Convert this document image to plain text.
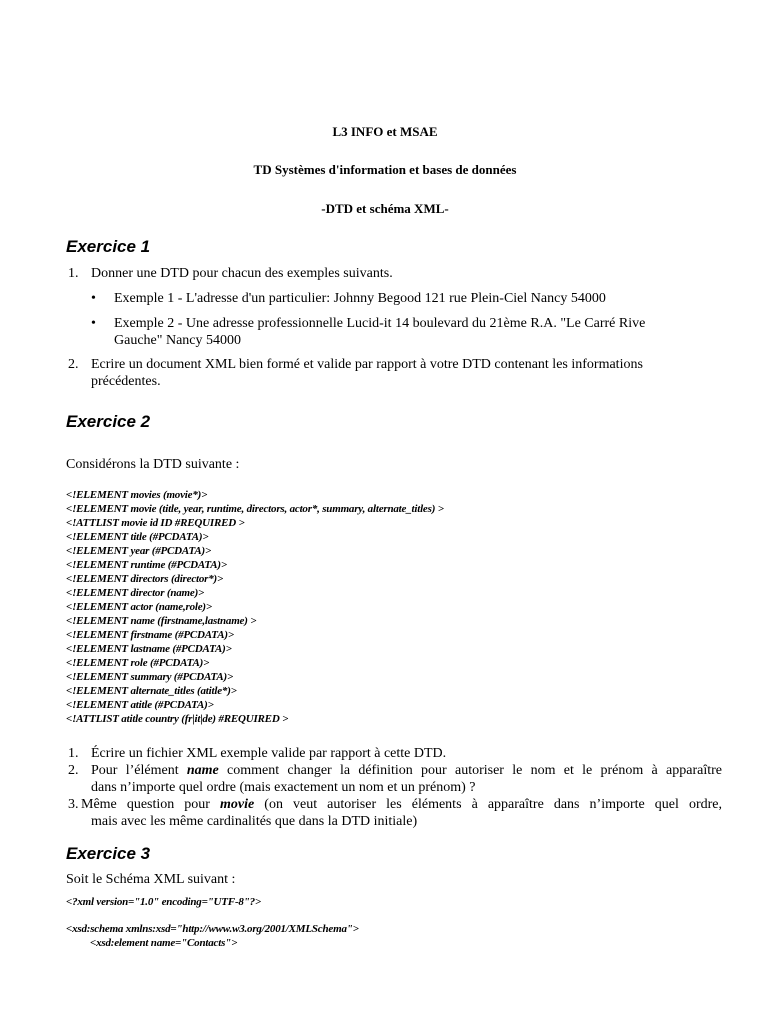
L3 INFO et MSAE
TD Systèmes d'information et bases de données
-DTD et schéma XML-
Exercice 1
1. Donner une DTD pour chacun des exemples suivants.
• Exemple 1 - L'adresse d'un particulier: Johnny Begood 121 rue Plein-Ciel Nancy 54000
• Exemple 2 - Une adresse professionnelle Lucid-it 14 boulevard du 21ème R.A. "Le Carré Rive
Gauche" Nancy 54000
2. Ecrire un document XML bien formé et valide par rapport à votre DTD contenant les informations
précédentes.
Exercice 2
Considérons la DTD suivante :
<!ELEMENT movies (movie*)>
<!ELEMENT movie (title, year, runtime, directors, actor*, summary, alternate_titles) >
<!ATTLIST movie id ID #REQUIRED >
<!ELEMENT title (#PCDATA)>
<!ELEMENT year (#PCDATA)>
<!ELEMENT runtime (#PCDATA)>
<!ELEMENT directors (director*)>
<!ELEMENT director (name)>
<!ELEMENT actor (name,role)>
<!ELEMENT name (firstname,lastname) >
<!ELEMENT firstname (#PCDATA)>
<!ELEMENT lastname (#PCDATA)>
<!ELEMENT role (#PCDATA)>
<!ELEMENT summary (#PCDATA)>
<!ELEMENT alternate_titles (atitle*)>
<!ELEMENT atitle (#PCDATA)>
<!ATTLIST atitle country (fr|it|de) #REQUIRED >
1. Écrire un fichier XML exemple valide par rapport à cette DTD.
2. Pour l’élément name comment changer la définition pour autoriser le nom et le prénom à apparaître
dans n’importe quel ordre (mais exactement un nom et un prénom) ?
3. Même question pour movie (on veut autoriser les éléments à apparaître dans n’importe quel ordre,
mais avec les même cardinalités que dans la DTD initiale)
Exercice 3
Soit le Schéma XML suivant :
<?xml version="1.0" encoding="UTF-8"?>
<xsd:schema xmlns:xsd="http://www.w3.org/2001/XMLSchema">
<xsd:element name="Contacts">
